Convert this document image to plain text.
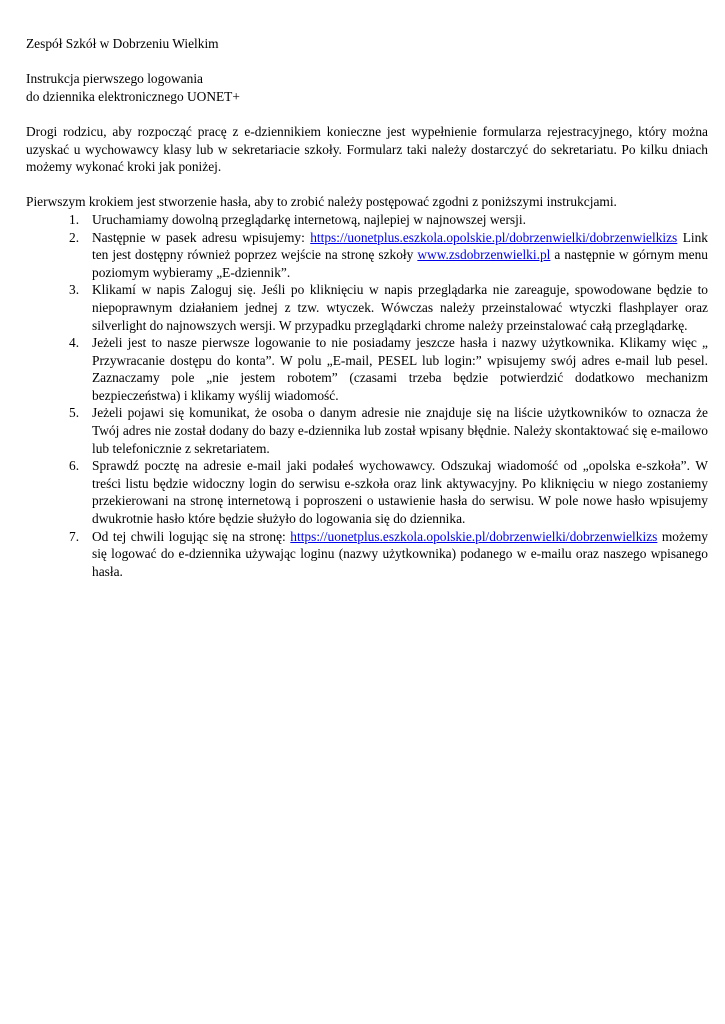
Zespół Szkół w Dobrzeniu Wielkim
Instrukcja pierwszego logowania
do dziennika elektronicznego UONET+

Drogi rodzicu, aby rozpocząć pracę z e-dziennikiem konieczne jest wypełnienie formularza rejestracyjnego, który można uzyskać u wychowawcy klasy lub w sekretariacie szkoły. Formularz taki należy dostarczyć do sekretariatu. Po kilku dniach możemy wykonać kroki jak poniżej.

Pierwszym krokiem jest stworzenie hasła, aby to zrobić należy postępować zgodni z poniższymi instrukcjami.

1. Uruchamiamy dowolną przeglądarkę internetową, najlepiej w najnowszej wersji.
2. Następnie w pasek adresu wpisujemy: https://uonetplus.eszkola.opolskie.pl/dobrzenwielki/dobrzenwielkizs Link ten jest dostępny również poprzez wejście na stronę szkoły www.zsdobrzenwielki.pl a następnie w górnym menu poziomym wybieramy „E-dziennik”.
3. Klikamí w napis Zaloguj się. Jeśli po kliknięciu w napis przeglądarka nie zareaguje, spowodowane będzie to niepoprawnym działaniem jednej z tzw. wtyczek. Wówczas należy przeinstalować wtyczki flashplayer oraz silverlight do najnowszych wersji. W przypadku przeglądarki chrome należy przeinstalować całą przeglądarkę.
4. Jeżeli jest to nasze pierwsze logowanie to nie posiadamy jeszcze hasła i nazwy użytkownika. Klikamy więc „ Przywracanie dostępu do konta”. W polu „E-mail, PESEL lub login:” wpisujemy swój adres e-mail lub pesel. Zaznaczamy pole „nie jestem robotem” (czasami trzeba będzie potwierdzić dodatkowo mechanizm bezpieczeństwa) i klikamy wyślij wiadomość.
5. Jeżeli pojawi się komunikat, że osoba o danym adresie nie znajduje się na liście użytkowników to oznacza że Twój adres nie został dodany do bazy e-dziennika lub został wpisany błędnie. Należy skontaktować się e-mailowo lub telefonicznie z sekretariatem.
6. Sprawdź pocztę na adresie e-mail jaki podałeś wychowawcy. Odszukaj wiadomość od „opolska e-szkoła”. W treści listu będzie widoczny login do serwisu e-szkoła oraz link aktywacyjny. Po kliknięciu w niego zostaniemy przekierowani na stronę internetową i poproszeni o ustawienie hasła do serwisu. W pole nowe hasło wpisujemy dwukrotnie hasło które będzie służyło do logowania się do dziennika.
7. Od tej chwili logując się na stronę: https://uonetplus.eszkola.opolskie.pl/dobrzenwielki/dobrzenwielkizs możemy się logować do e-dziennika używając loginu (nazwy użytkownika) podanego w e-mailu oraz naszego wpisanego hasła.
